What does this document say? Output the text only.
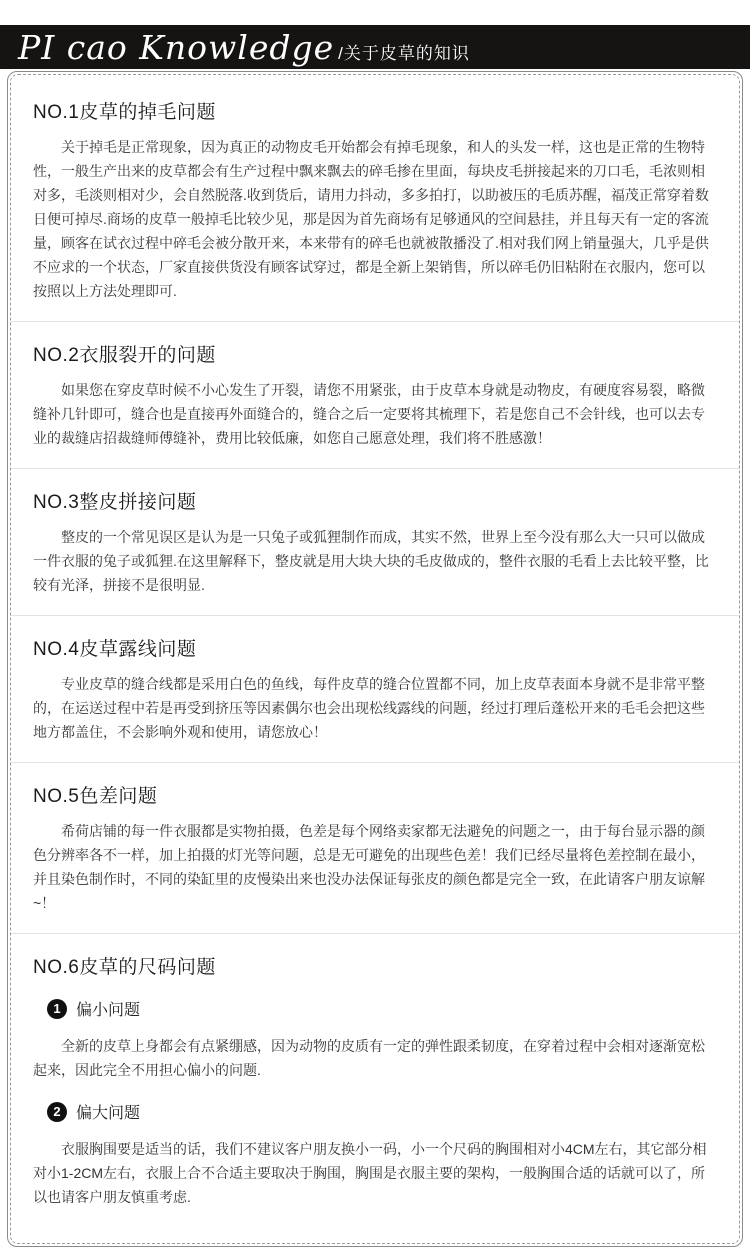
PI cao Knowledge /关于皮草的知识
NO.1皮草的掉毛问题

关于掉毛是正常现象，因为真正的动物皮毛开始都会有掉毛现象，和人的头发一样，这也是正常的生物特性，一般生产出来的皮草都会有生产过程中飘来飘去的碎毛掺在里面，每块皮毛拼接起来的刀口毛，毛浓则相对多，毛淡则相对少，会自然脱落.收到货后，请用力抖动，多多拍打，以助被压的毛质苏醒，福茂正常穿着数日便可掉尽.商场的皮草一般掉毛比较少见，那是因为首先商场有足够通风的空间悬挂，并且每天有一定的客流量，顾客在试衣过程中碎毛会被分散开来，本来带有的碎毛也就被散播没了.相对我们网上销量强大，几乎是供不应求的一个状态，厂家直接供货没有顾客试穿过，都是全新上架销售，所以碎毛仍旧粘附在衣服内，您可以按照以上方法处理即可.

NO.2衣服裂开的问题

如果您在穿皮草时候不小心发生了开裂，请您不用紧张，由于皮草本身就是动物皮，有硬度容易裂，略微缝补几针即可，缝合也是直接再外面缝合的，缝合之后一定要将其梳理下，若是您自己不会针线，也可以去专业的裁缝店招裁缝师傅缝补，费用比较低廉，如您自己愿意处理，我们将不胜感激！

NO.3整皮拼接问题

整皮的一个常见误区是认为是一只兔子或狐狸制作而成，其实不然，世界上至今没有那么大一只可以做成一件衣服的兔子或狐狸.在这里解释下，整皮就是用大块大块的毛皮做成的，整件衣服的毛看上去比较平整，比较有光泽，拼接不是很明显.

NO.4皮草露线问题

专业皮草的缝合线都是采用白色的鱼线，每件皮草的缝合位置都不同，加上皮草表面本身就不是非常平整的，在运送过程中若是再受到挤压等因素偶尔也会出现松线露线的问题，经过打理后蓬松开来的毛毛会把这些地方都盖住，不会影响外观和使用，请您放心！

NO.5色差问题

希荷店铺的每一件衣服都是实物拍摄，色差是每个网络卖家都无法避免的问题之一，由于每台显示器的颜色分辨率各不一样，加上拍摄的灯光等问题，总是无可避免的出现些色差！我们已经尽量将色差控制在最小，并且染色制作时，不同的染缸里的皮慢染出来也没办法保证每张皮的颜色都是完全一致，在此请客户朋友谅解~！

NO.6皮草的尺码问题
1 偏小问题

全新的皮草上身都会有点紧绷感，因为动物的皮质有一定的弹性跟柔韧度，在穿着过程中会相对逐渐宽松起来，因此完全不用担心偏小的问题.

2 偏大问题

衣服胸围要是适当的话，我们不建议客户朋友换小一码，小一个尺码的胸围相对小4CM左右，其它部分相对小1-2CM左右，衣服上合不合适主要取决于胸围，胸围是衣服主要的架构，一般胸围合适的话就可以了，所以也请客户朋友慎重考虑.
